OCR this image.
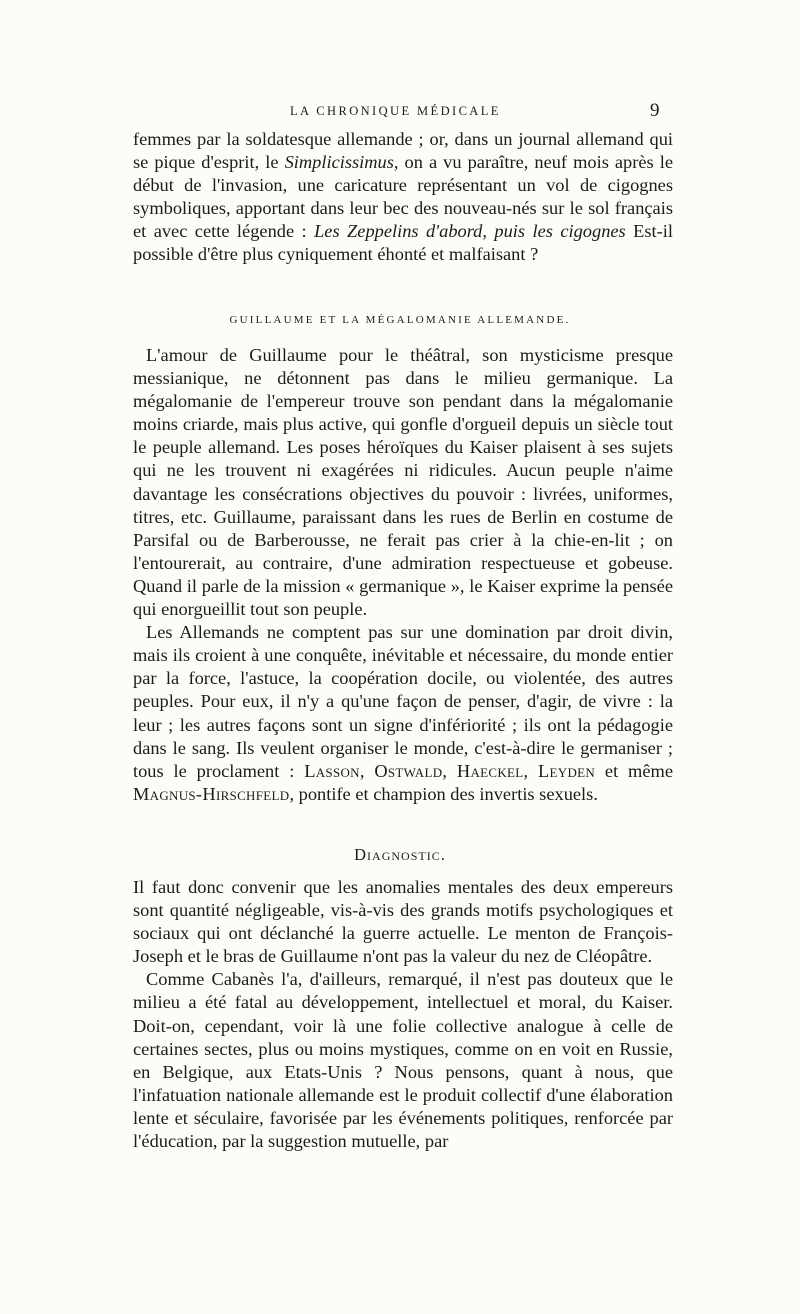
LA CHRONIQUE MÉDICALE	9

femmes par la soldatesque allemande ; or, dans un journal allemand qui se pique d'esprit, le Simplicissimus, on a vu paraître, neuf mois après le début de l'invasion, une caricature représentant un vol de cigognes symboliques, apportant dans leur bec des nouveau-nés sur le sol français et avec cette légende : Les Zeppelins d'abord, puis les cigognes Est-il possible d'être plus cyniquement éhonté et malfaisant ?

GUILLAUME ET LA MÉGALOMANIE ALLEMANDE.

L'amour de Guillaume pour le théâtral, son mysticisme presque messianique, ne détonnent pas dans le milieu germanique. La mégalomanie de l'empereur trouve son pendant dans la mégalomanie moins criarde, mais plus active, qui gonfle d'orgueil depuis un siècle tout le peuple allemand. Les poses héroïques du Kaiser plaisent à ses sujets qui ne les trouvent ni exagérées ni ridicules. Aucun peuple n'aime davantage les consécrations objectives du pouvoir : livrées, uniformes, titres, etc. Guillaume, paraissant dans les rues de Berlin en costume de Parsifal ou de Barberousse, ne ferait pas crier à la chie-en-lit ; on l'entourerait, au contraire, d'une admiration respectueuse et gobeuse. Quand il parle de la mission « germanique », le Kaiser exprime la pensée qui enorgueillit tout son peuple.

Les Allemands ne comptent pas sur une domination par droit divin, mais ils croient à une conquête, inévitable et nécessaire, du monde entier par la force, l'astuce, la coopération docile, ou violentée, des autres peuples. Pour eux, il n'y a qu'une façon de penser, d'agir, de vivre : la leur ; les autres façons sont un signe d'infériorité ; ils ont la pédagogie dans le sang. Ils veulent organiser le monde, c'est-à-dire le germaniser ; tous le proclament : Lasson, Ostwald, Haeckel, Leyden et même Magnus-Hirschfeld, pontife et champion des invertis sexuels.

Diagnostic.

Il faut donc convenir que les anomalies mentales des deux empereurs sont quantité négligeable, vis-à-vis des grands motifs psychologiques et sociaux qui ont déclanché la guerre actuelle. Le menton de François-Joseph et le bras de Guillaume n'ont pas la valeur du nez de Cléopâtre.

Comme Cabanès l'a, d'ailleurs, remarqué, il n'est pas douteux que le milieu a été fatal au développement, intellectuel et moral, du Kaiser. Doit-on, cependant, voir là une folie collective analogue à celle de certaines sectes, plus ou moins mystiques, comme on en voit en Russie, en Belgique, aux Etats-Unis ? Nous pensons, quant à nous, que l'infatuation nationale allemande est le produit collectif d'une élaboration lente et séculaire, favorisée par les événements politiques, renforcée par l'éducation, par la suggestion mutuelle, par
